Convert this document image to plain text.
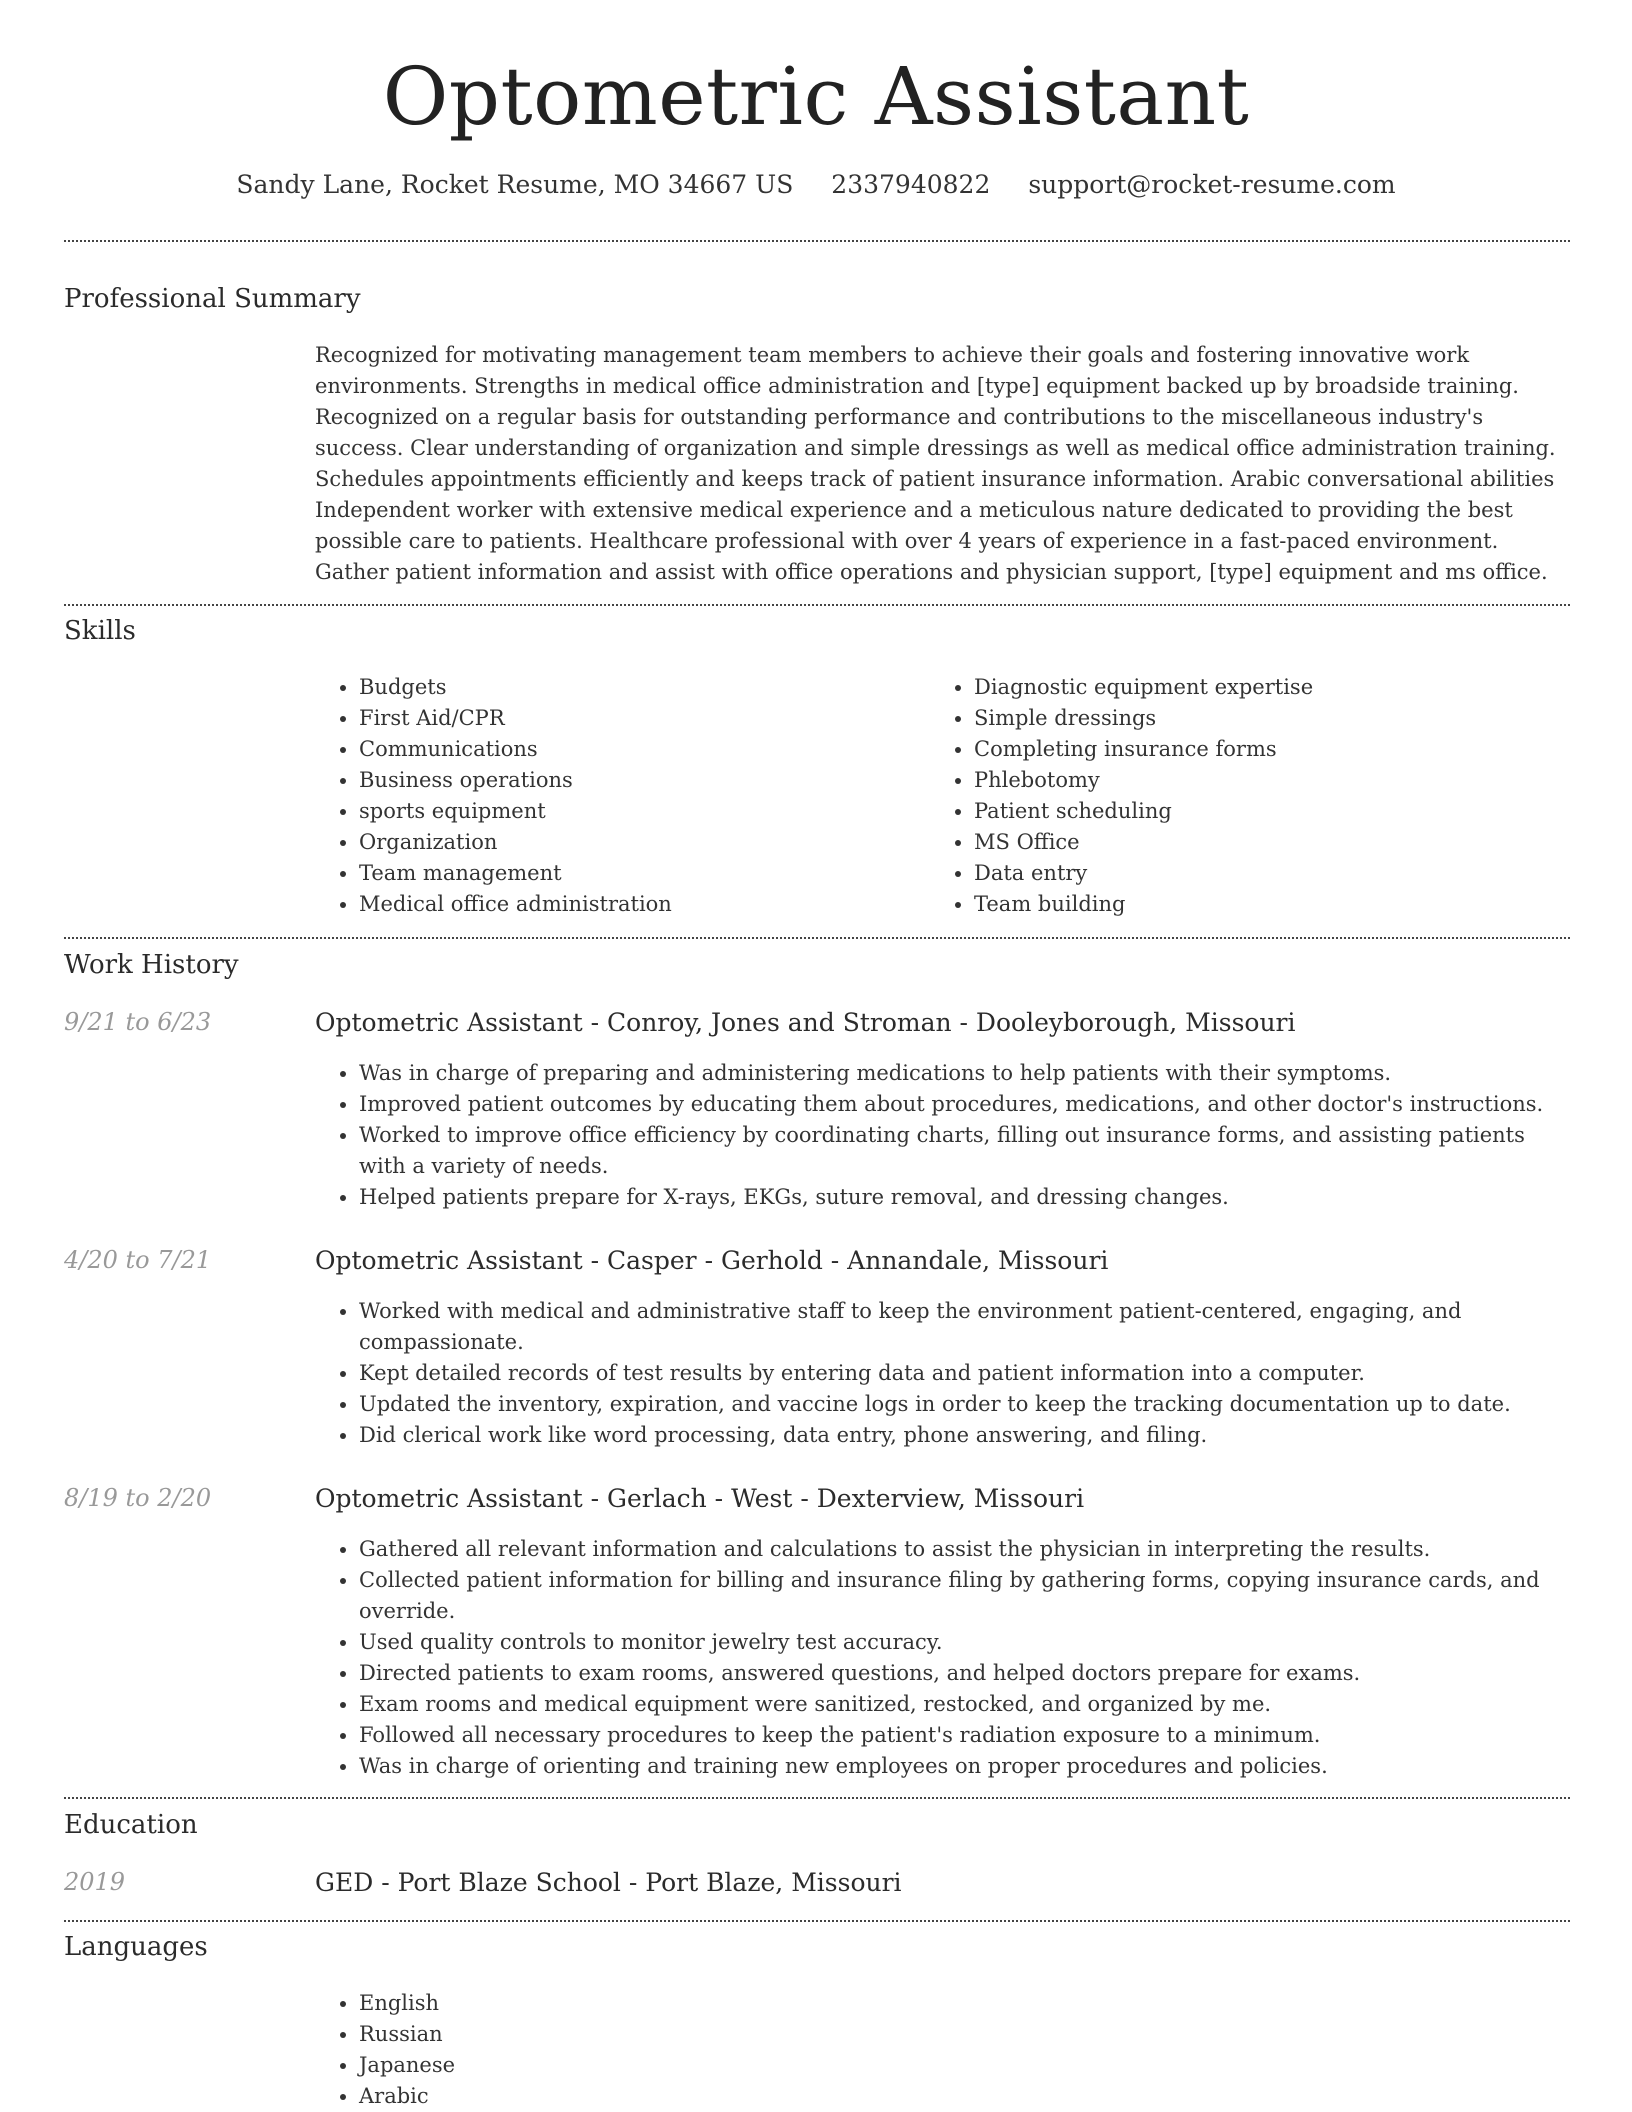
Optometric Assistant
Sandy Lane, Rocket Resume, MO 34667 US 2337940822 support@rocket-resume.com
Professional Summary
Recognized for motivating management team members to achieve their goals and fostering innovative work environments. Strengths in medical office administration and [type] equipment backed up by broadside training. Recognized on a regular basis for outstanding performance and contributions to the miscellaneous industry's success. Clear understanding of organization and simple dressings as well as medical office administration training. Schedules appointments efficiently and keeps track of patient insurance information. Arabic conversational abilities Independent worker with extensive medical experience and a meticulous nature dedicated to providing the best possible care to patients. Healthcare professional with over 4 years of experience in a fast-paced environment. Gather patient information and assist with office operations and physician support, [type] equipment and ms office.
Skills
• Budgets
• First Aid/CPR
• Communications
• Business operations
• sports equipment
• Organization
• Team management
• Medical office administration
• Diagnostic equipment expertise
• Simple dressings
• Completing insurance forms
• Phlebotomy
• Patient scheduling
• MS Office
• Data entry
• Team building
Work History
9/21 to 6/23	Optometric Assistant - Conroy, Jones and Stroman - Dooleyborough, Missouri
• Was in charge of preparing and administering medications to help patients with their symptoms.
• Improved patient outcomes by educating them about procedures, medications, and other doctor's instructions.
• Worked to improve office efficiency by coordinating charts, filling out insurance forms, and assisting patients with a variety of needs.
• Helped patients prepare for X-rays, EKGs, suture removal, and dressing changes.
4/20 to 7/21	Optometric Assistant - Casper - Gerhold - Annandale, Missouri
• Worked with medical and administrative staff to keep the environment patient-centered, engaging, and compassionate.
• Kept detailed records of test results by entering data and patient information into a computer.
• Updated the inventory, expiration, and vaccine logs in order to keep the tracking documentation up to date.
• Did clerical work like word processing, data entry, phone answering, and filing.
8/19 to 2/20	Optometric Assistant - Gerlach - West - Dexterview, Missouri
• Gathered all relevant information and calculations to assist the physician in interpreting the results.
• Collected patient information for billing and insurance filing by gathering forms, copying insurance cards, and override.
• Used quality controls to monitor jewelry test accuracy.
• Directed patients to exam rooms, answered questions, and helped doctors prepare for exams.
• Exam rooms and medical equipment were sanitized, restocked, and organized by me.
• Followed all necessary procedures to keep the patient's radiation exposure to a minimum.
• Was in charge of orienting and training new employees on proper procedures and policies.
Education
2019	GED - Port Blaze School - Port Blaze, Missouri
Languages
• English
• Russian
• Japanese
• Arabic
